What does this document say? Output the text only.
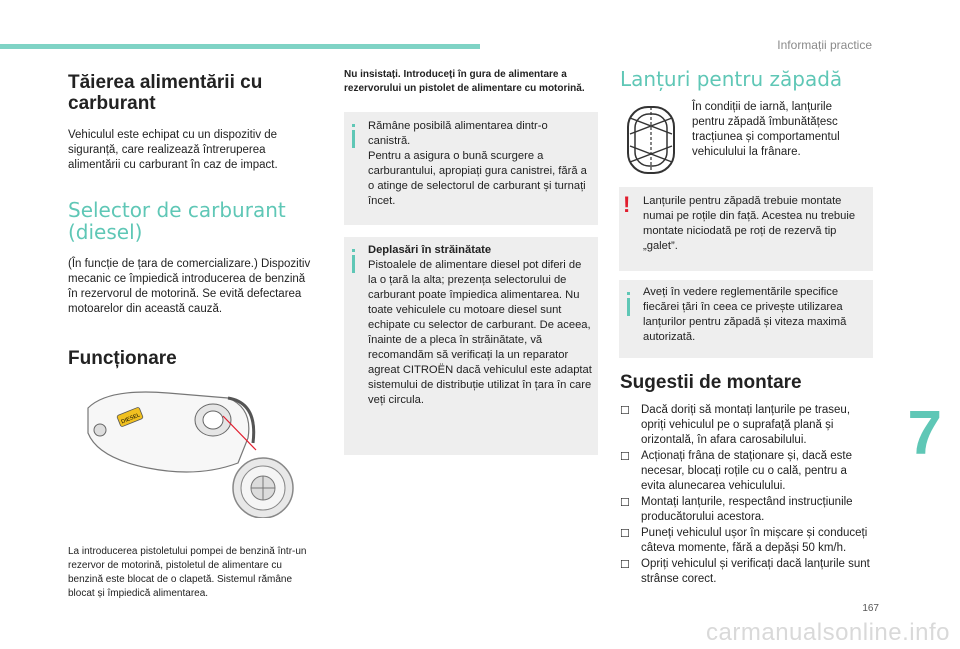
Informații practice
Tăierea alimentării cu carburant

Vehiculul este echipat cu un dispozitiv de siguranță, care realizează întreruperea alimentării cu carburant în caz de impact.

Selector de carburant (diesel)

(În funcție de țara de comercializare.) Dispozitiv mecanic ce împiedică introducerea de benzină în rezervorul de motorină. Se evită defectarea motoarelor din această cauză.

Funcționare
DIESEL
La introducerea pistoletului pompei de benzină într-un rezervor de motorină, pistoletul de alimentare cu benzină este blocat de o clapetă. Sistemul rămâne blocat și împiedică alimentarea.
Nu insistați. Introduceți în gura de alimentare a rezervorului un pistolet de alimentare cu motorină.
Rămâne posibilă alimentarea dintr-o canistră.
Pentru a asigura o bună scurgere a carburantului, apropiați gura canistrei, fără a o atinge de selectorul de carburant și turnați încet.
Deplasări în străinătate
Pistoalele de alimentare diesel pot diferi de la o țară la alta; prezența selectorului de carburant poate împiedica alimentarea. Nu toate vehiculele cu motoare diesel sunt echipate cu selector de carburant. De aceea, înainte de a pleca în străinătate, vă recomandăm să verificați la un reparator agreat CITROËN dacă vehiculul este adaptat sistemului de distribuție utilizat în țara în care veți circula.
Lanțuri pentru zăpadă

În condiții de iarnă, lanțurile pentru zăpadă îmbunătățesc tracțiunea și comportamentul vehiculului la frânare.

! Lanțurile pentru zăpadă trebuie montate numai pe roțile din față. Acestea nu trebuie montate niciodată pe roți de rezervă tip „galet”.
Aveți în vedere reglementările specifice fiecărei țări în ceea ce privește utilizarea lanțurilor pentru zăpadă și viteza maximă autorizată.
Sugestii de montare
☐ Dacă doriți să montați lanțurile pe traseu, opriți vehiculul pe o suprafață plană și orizontală, în afara carosabilului.
☐ Acționați frâna de staționare și, dacă este necesar, blocați roțile cu o cală, pentru a evita alunecarea vehiculului.
☐ Montați lanțurile, respectând instrucțiunile producătorului acestora.
☐ Puneți vehiculul ușor în mișcare și conduceți câteva momente, fără a depăși 50 km/h.
☐ Opriți vehiculul și verificați dacă lanțurile sunt strânse corect.
7
167
carmanualsonline.info
